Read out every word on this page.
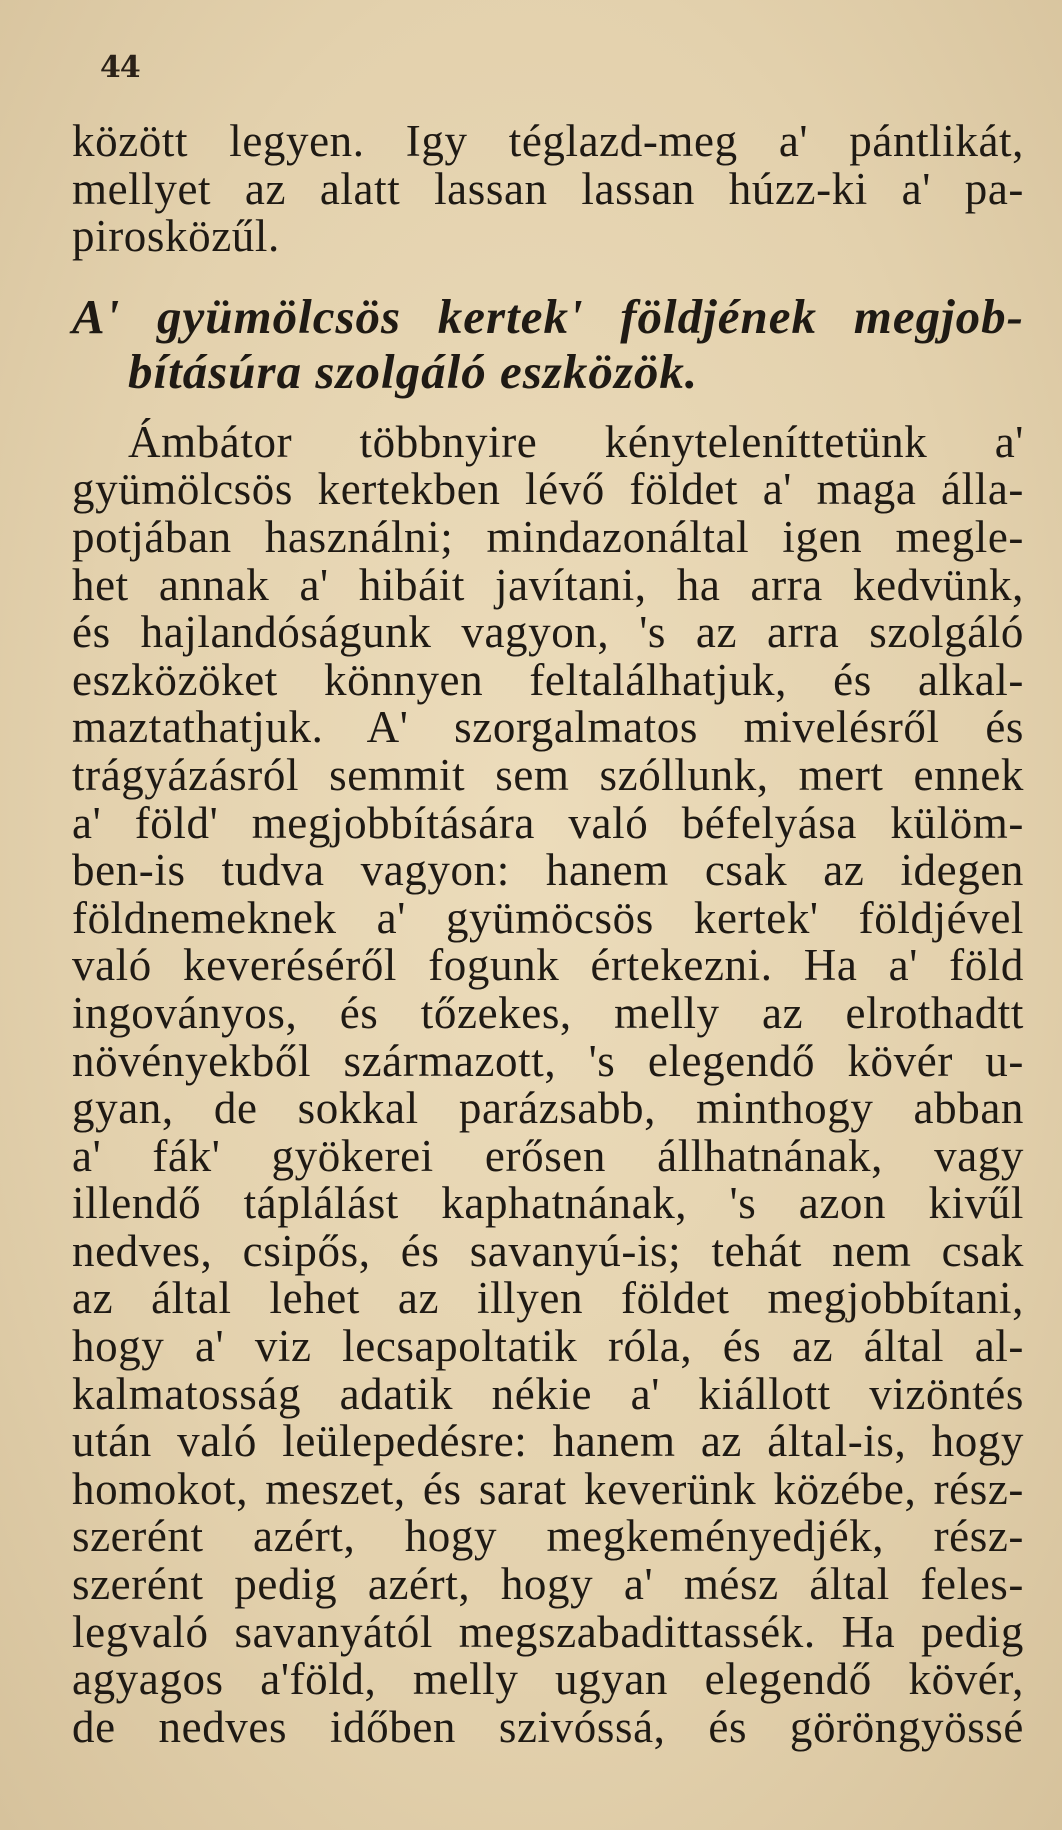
44
között legyen. Igy téglazd-meg a' pántlikát,
mellyet az alatt lassan lassan húzz-ki a' pa-
pirosközűl.
A' gyümölcsös kertek' földjének megjob-
bításúra szolgáló eszközök.
Ámbátor többnyire kényteleníttetünk a'
gyümölcsös kertekben lévő földet a' maga álla-
potjában használni; mindazonáltal igen megle-
het annak a' hibáit javítani, ha arra kedvünk,
és hajlandóságunk vagyon, 's az arra szolgáló
eszközöket könnyen feltalálhatjuk, és alkal-
maztathatjuk. A' szorgalmatos mivelésről és
trágyázásról semmit sem szóllunk, mert ennek
a' föld' megjobbítására való béfelyása külöm-
ben-is tudva vagyon: hanem csak az idegen
földnemeknek a' gyümöcsös kertek' földjével
való keveréséről fogunk értekezni. Ha a' föld
ingoványos, és tőzekes, melly az elrothadtt
növényekből származott, 's elegendő kövér u-
gyan, de sokkal parázsabb, minthogy abban
a' fák' gyökerei erősen állhatnának, vagy
illendő táplálást kaphatnának, 's azon kivűl
nedves, csipős, és savanyú-is; tehát nem csak
az által lehet az illyen földet megjobbítani,
hogy a' viz lecsapoltatik róla, és az által al-
kalmatosság adatik nékie a' kiállott vizöntés
után való leülepedésre: hanem az által-is, hogy
homokot, meszet, és sarat keverünk közébe, rész-
szerént azért, hogy megkeményedjék, rész-
szerént pedig azért, hogy a' mész által feles-
legvaló savanyától megszabadittassék. Ha pedig
agyagos a'föld, melly ugyan elegendő kövér,
de nedves időben szivóssá, és göröngyössé
